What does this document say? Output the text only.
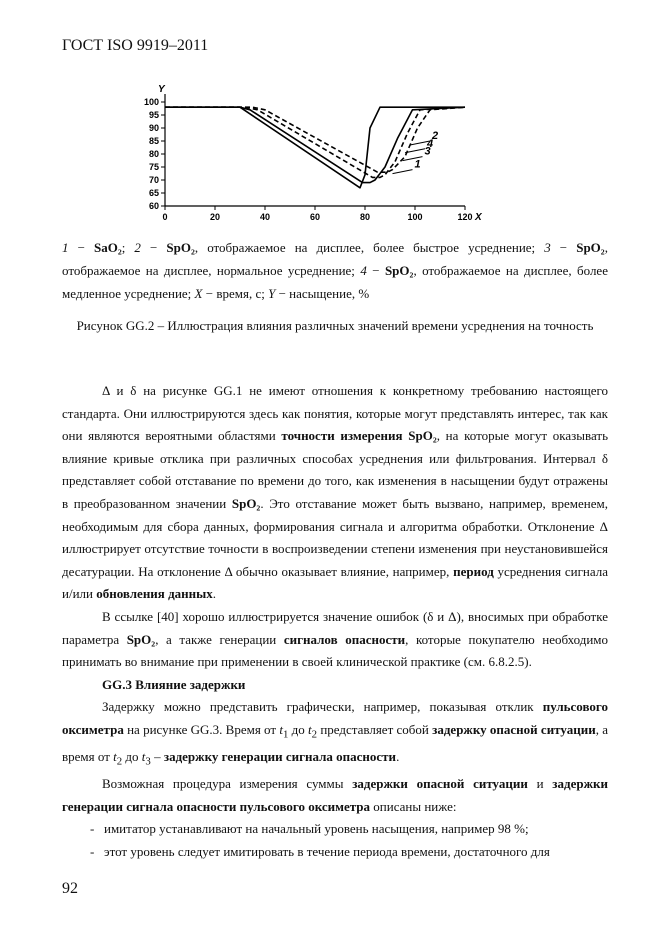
ГОСТ ISO 9919–2011
0	20	40	60	80	100	120
60
65
70
75
80
85
90
95
100
X
Y
1
2
3
4
1 − SaO₂; 2 − SpO₂, отображаемое на дисплее, более быстрое усреднение; 3 − SpO₂, отображаемое на дисплее, нормальное усреднение; 4 − SpO₂, отображаемое на дисплее, более медленное усреднение; X − время, с; Y − насыщение, %
Рисунок GG.2 – Иллюстрация влияния различных значений времени усреднения на точность

Δ и δ на рисунке GG.1 не имеют отношения к конкретному требованию настоящего стандарта. Они иллюстрируются здесь как понятия, которые могут представлять интерес, так как они являются вероятными областями точности измерения SpO₂, на которые могут оказывать влияние кривые отклика при различных способах усреднения или фильтрования. Интервал δ представляет собой отставание по времени до того, как изменения в насыщении будут отражены в преобразованном значении SpO₂. Это отставание может быть вызвано, например, временем, необходимым для сбора данных, формирования сигнала и алгоритма обработки. Отклонение Δ иллюстрирует отсутствие точности в воспроизведении степени изменения при неустановившейся десатурации. На отклонение Δ обычно оказывает влияние, например, период усреднения сигнала и/или обновления данных.

В ссылке [40] хорошо иллюстрируется значение ошибок (δ и Δ), вносимых при обработке параметра SpO₂, а также генерации сигналов опасности, которые покупателю необходимо принимать во внимание при применении в своей клинической практике (см. 6.8.2.5).

GG.3 Влияние задержки

Задержку можно представить графически, например, показывая отклик пульсового оксиметра на рисунке GG.3. Время от $t_1$ до $t_2$ представляет собой задержку опасной ситуации, а время от $t_2$ до $t_3$ – задержку генерации сигнала опасности.

Возможная процедура измерения суммы задержки опасной ситуации и задержки генерации сигнала опасности пульсового оксиметра описаны ниже:

- имитатор устанавливают на начальный уровень насыщения, например 98 %;

- этот уровень следует имитировать в течение периода времени, достаточного для

92
